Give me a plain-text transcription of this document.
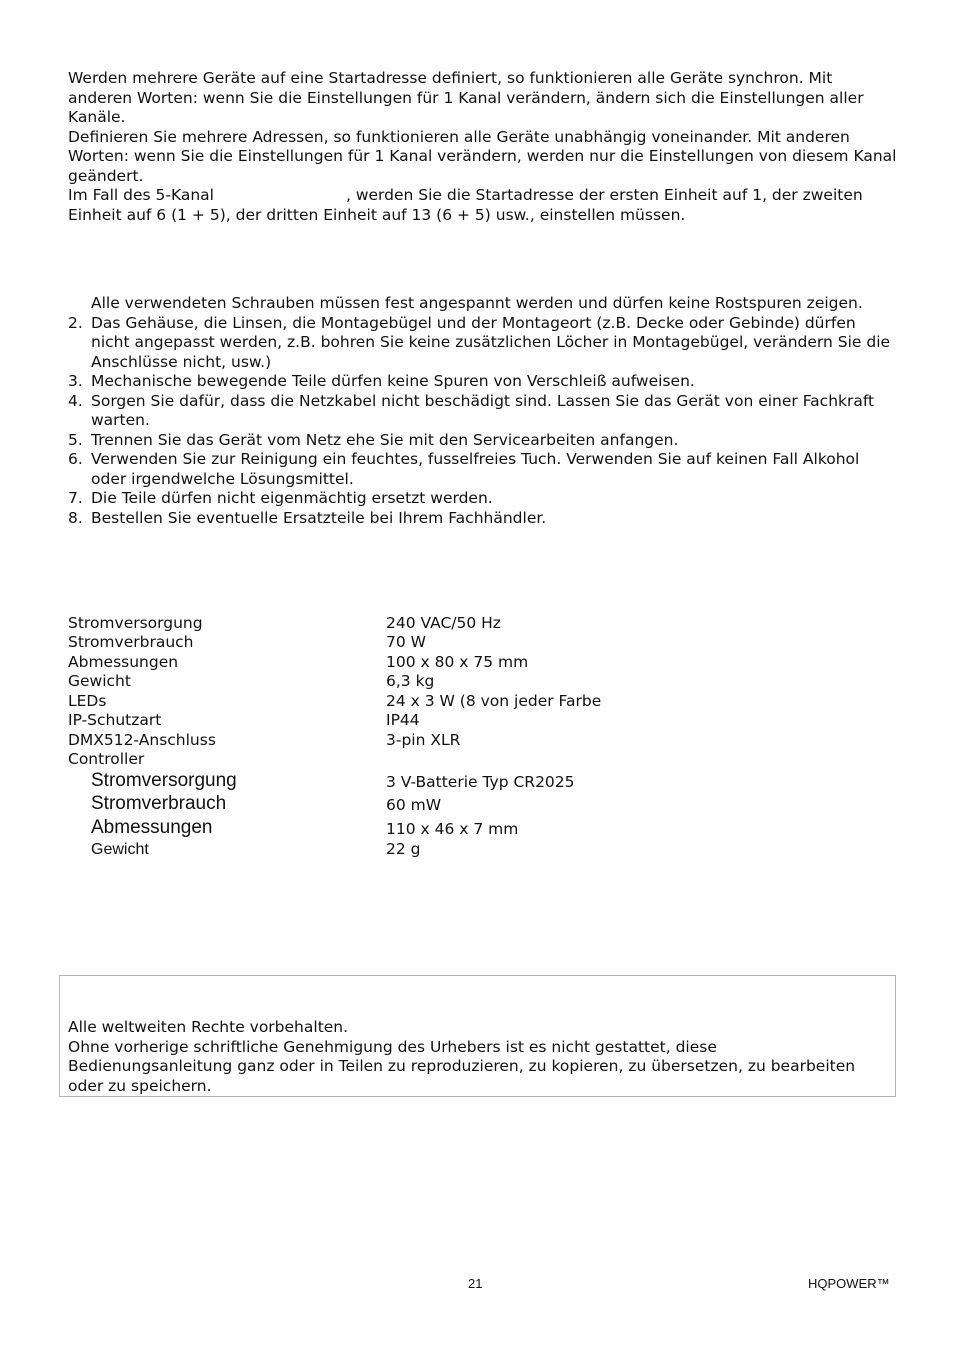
Werden mehrere Geräte auf eine Startadresse definiert, so funktionieren alle Geräte synchron. Mit anderen Worten: wenn Sie die Einstellungen für 1 Kanal verändern, ändern sich die Einstellungen aller Kanäle.

Definieren Sie mehrere Adressen, so funktionieren alle Geräte unabhängig voneinander. Mit anderen Worten: wenn Sie die Einstellungen für 1 Kanal verändern, werden nur die Einstellungen von diesem Kanal geändert.

Im Fall des 5-Kanal	, werden Sie die Startadresse der ersten Einheit auf 1, der zweiten Einheit auf 6 (1 + 5), der dritten Einheit auf 13 (6 + 5) usw., einstellen müssen.

Alle verwendeten Schrauben müssen fest angespannt werden und dürfen keine Rostspuren zeigen.
2. Das Gehäuse, die Linsen, die Montagebügel und der Montageort (z.B. Decke oder Gebinde) dürfen nicht angepasst werden, z.B. bohren Sie keine zusätzlichen Löcher in Montagebügel, verändern Sie die Anschlüsse nicht, usw.)
3. Mechanische bewegende Teile dürfen keine Spuren von Verschleiß aufweisen.
4. Sorgen Sie dafür, dass die Netzkabel nicht beschädigt sind. Lassen Sie das Gerät von einer Fachkraft warten.
5. Trennen Sie das Gerät vom Netz ehe Sie mit den Servicearbeiten anfangen.
6. Verwenden Sie zur Reinigung ein feuchtes, fusselfreies Tuch. Verwenden Sie auf keinen Fall Alkohol oder irgendwelche Lösungsmittel.
7. Die Teile dürfen nicht eigenmächtig ersetzt werden.
8. Bestellen Sie eventuelle Ersatzteile bei Ihrem Fachhändler.
Stromversorgung	240 VAC/50 Hz
Stromverbrauch	70 W
Abmessungen	100 x 80 x 75 mm
Gewicht	6,3 kg
LEDs	24 x 3 W (8 von jeder Farbe
IP-Schutzart	IP44
DMX512-Anschluss	3-pin XLR
Controller
Stromversorgung	3 V-Batterie Typ CR2025
Stromverbrauch	60 mW
Abmessungen	110 x 46 x 7 mm
Gewicht	22 g
Alle weltweiten Rechte vorbehalten.
Ohne vorherige schriftliche Genehmigung des Urhebers ist es nicht gestattet, diese Bedienungsanleitung ganz oder in Teilen zu reproduzieren, zu kopieren, zu übersetzen, zu bearbeiten oder zu speichern.
21	HQPOWER™
